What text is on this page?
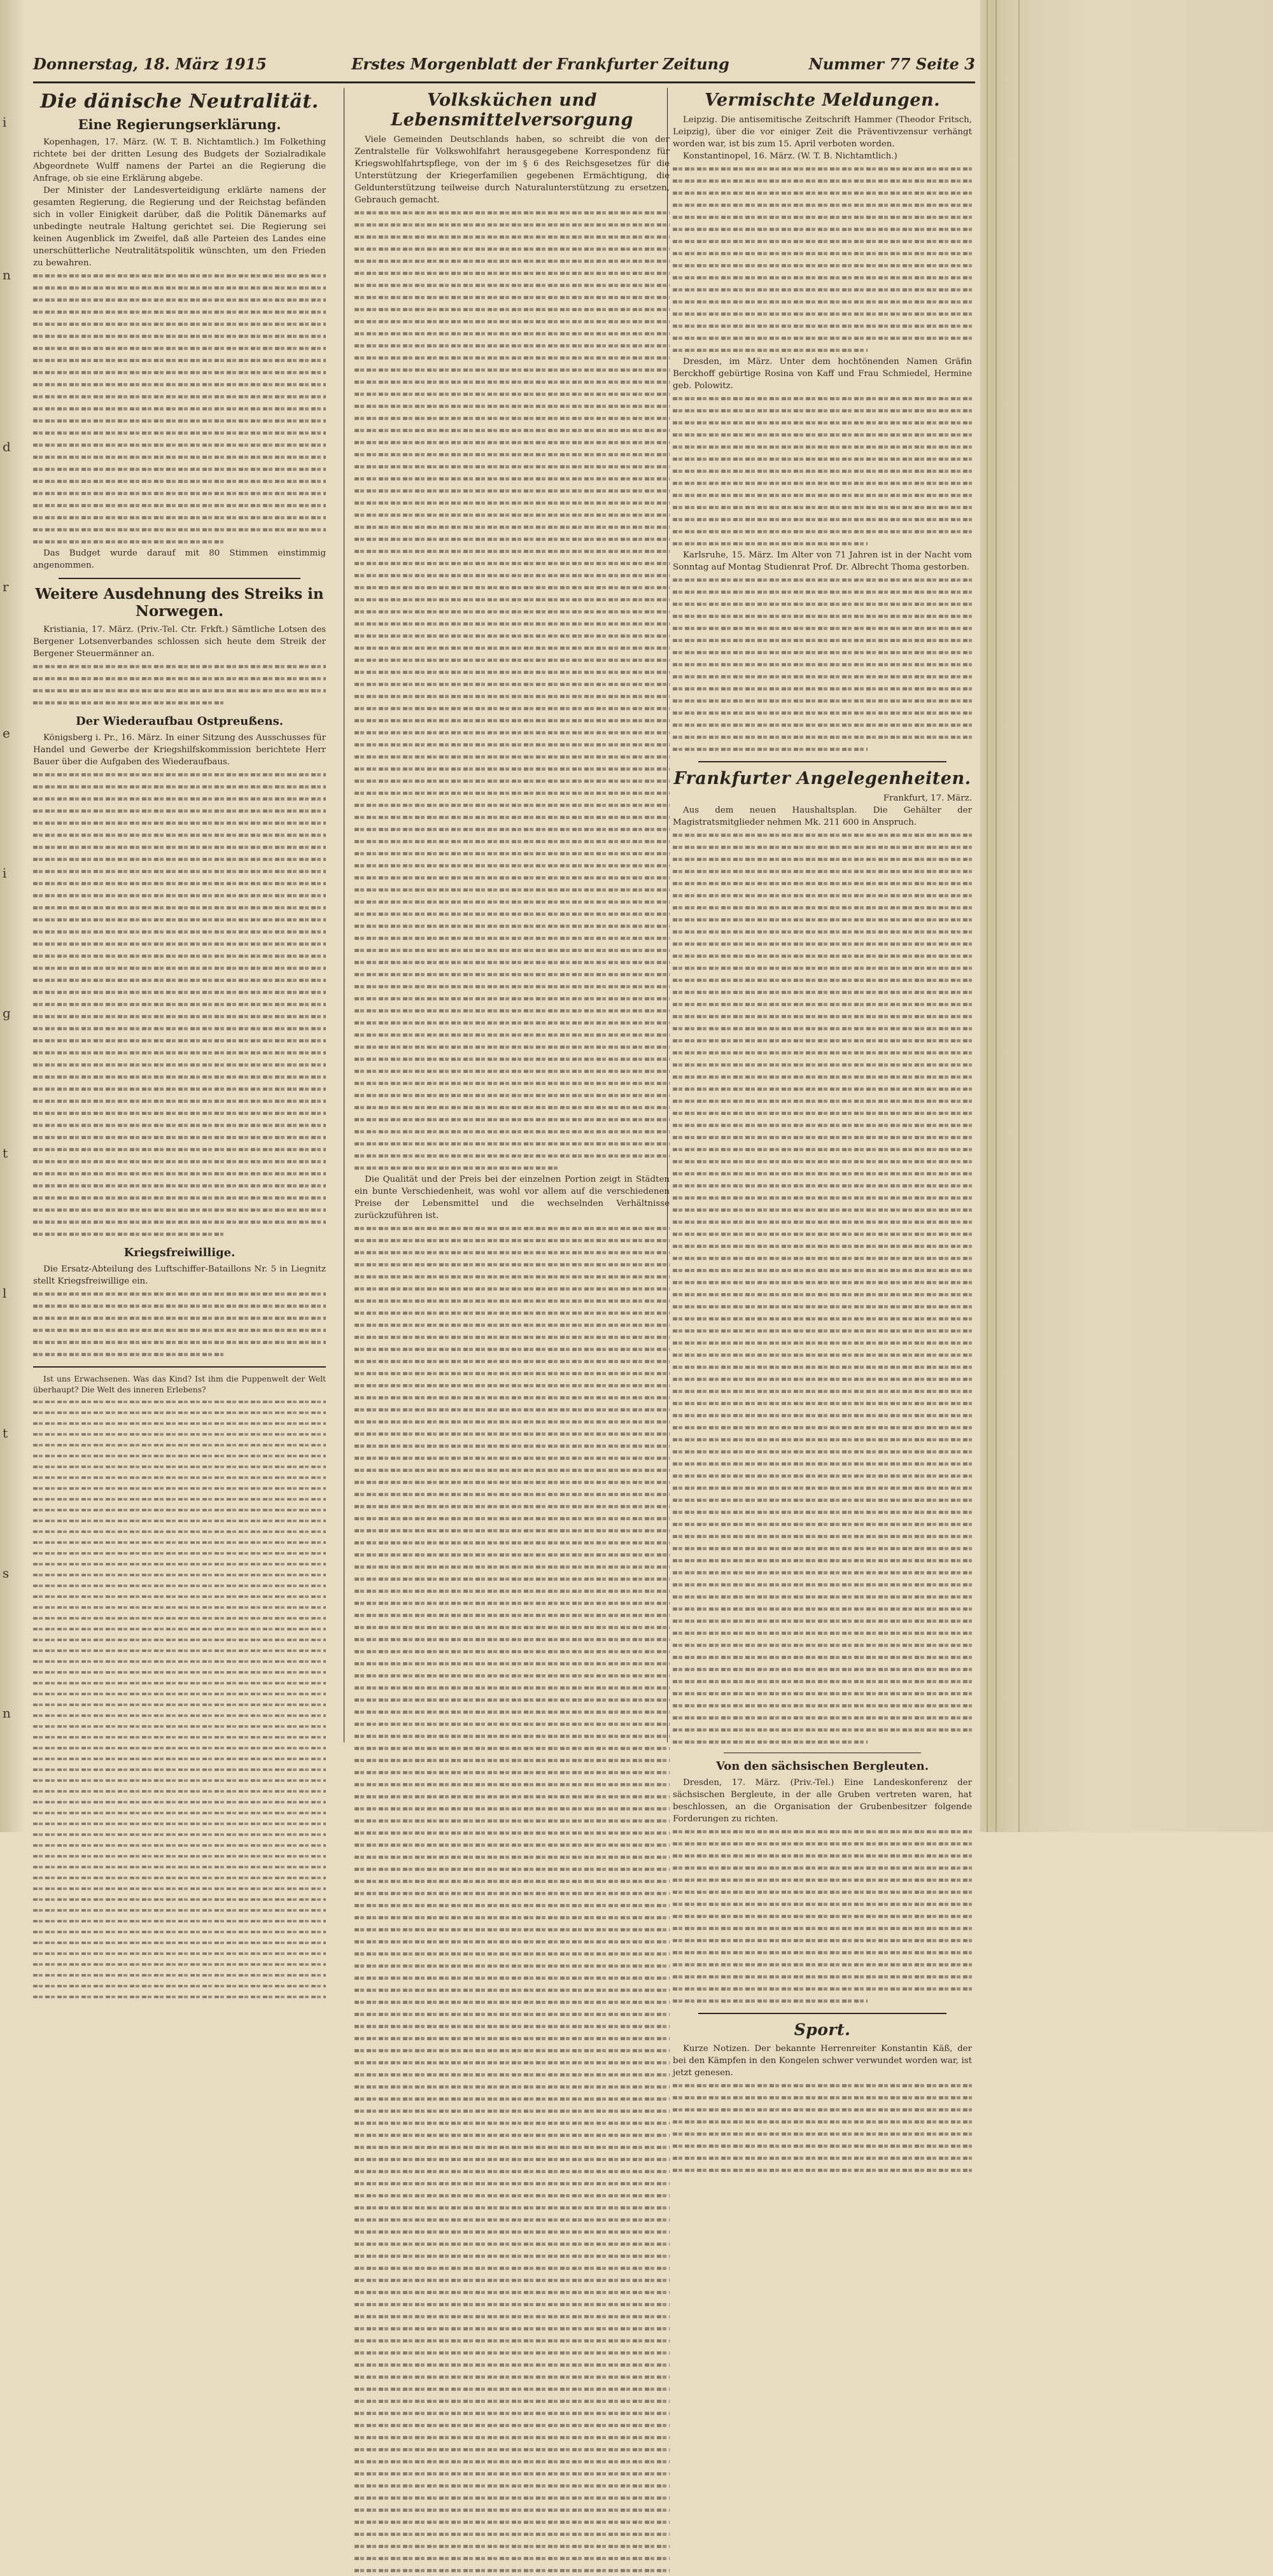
i
n
d
r
e
i
g
t
l
t
s
n
Donnerstag, 18. März 1915	Erstes Morgenblatt der Frankfurter Zeitung	Nummer 77 Seite 3
Die dänische Neutralität.
Eine Regierungserklärung.

Kopenhagen, 17. März. (W. T. B. Nichtamtlich.) Im Folkething richtete bei der dritten Lesung des Budgets der Sozialradikale Abgeordnete Wulff namens der Partei an die Regierung die Anfrage, ob sie eine Erklärung abgebe.

Der Minister der Landesverteidigung erklärte namens der gesamten Regierung, die Regierung und der Reichstag befänden sich in voller Einigkeit darüber, daß die Politik Dänemarks auf unbedingte neutrale Haltung gerichtet sei. Die Regierung sei keinen Augenblick im Zweifel, daß alle Parteien des Landes eine unerschütterliche Neutralitätspolitik wünschten, um den Frieden zu bewahren.

Das Budget wurde darauf mit 80 Stimmen einstimmig angenommen.

Weitere Ausdehnung des Streiks in Norwegen.

Kristiania, 17. März. (Priv.-Tel. Ctr. Frkft.) Sämtliche Lotsen des Bergener Lotsenverbandes schlossen sich heute dem Streik der Bergener Steuermänner an.

Der Wiederaufbau Ostpreußens.

Königsberg i. Pr., 16. März. In einer Sitzung des Ausschusses für Handel und Gewerbe der Kriegshilfskommission berichtete Herr Bauer über die Aufgaben des Wiederaufbaus.

Kriegsfreiwillige.

Die Ersatz-Abteilung des Luftschiffer-Bataillons Nr. 5 in Liegnitz stellt Kriegsfreiwillige ein.

Ist uns Erwachsenen. Was das Kind? Ist ihm die Puppenwelt der Welt überhaupt? Die Welt des inneren Erlebens?

Volksküchen und Lebensmittelversorgung

Viele Gemeinden Deutschlands haben, so schreibt die von der Zentralstelle für Volkswohlfahrt herausgegebene Korrespondenz für Kriegswohlfahrtspflege, von der im § 6 des Reichsgesetzes für die Unterstützung der Kriegerfamilien gegebenen Ermächtigung, die Geldunterstützung teilweise durch Naturalunterstützung zu ersetzen, Gebrauch gemacht.

Die Qualität und der Preis bei der einzelnen Portion zeigt in Städten ein bunte Verschiedenheit, was wohl vor allem auf die verschiedenen Preise der Lebensmittel und die wechselnden Verhältnisse zurückzuführen ist.

Vermischte Meldungen.

Leipzig. Die antisemitische Zeitschrift Hammer (Theodor Fritsch, Leipzig), über die vor einiger Zeit die Präventivzensur verhängt worden war, ist bis zum 15. April verboten worden.

Konstantinopel, 16. März. (W. T. B. Nichtamtlich.)

Dresden, im März. Unter dem hochtönenden Namen Gräfin Berckhoff gebürtige Rosina von Kaff und Frau Schmiedel, Hermine geb. Polowitz.

Karlsruhe, 15. März. Im Alter von 71 Jahren ist in der Nacht vom Sonntag auf Montag Studienrat Prof. Dr. Albrecht Thoma gestorben.

Frankfurter Angelegenheiten.
Frankfurt, 17. März.

Aus dem neuen Haushaltsplan. Die Gehälter der Magistratsmitglieder nehmen Mk. 211 600 in Anspruch.

Von den sächsischen Bergleuten.

Dresden, 17. März. (Priv.-Tel.) Eine Landeskonferenz der sächsischen Bergleute, in der alle Gruben vertreten waren, hat beschlossen, an die Organisation der Grubenbesitzer folgende Forderungen zu richten.

Sport.

Kurze Notizen. Der bekannte Herrenreiter Konstantin Käß, der bei den Kämpfen in den Kongelen schwer verwundet worden war, ist jetzt genesen.
